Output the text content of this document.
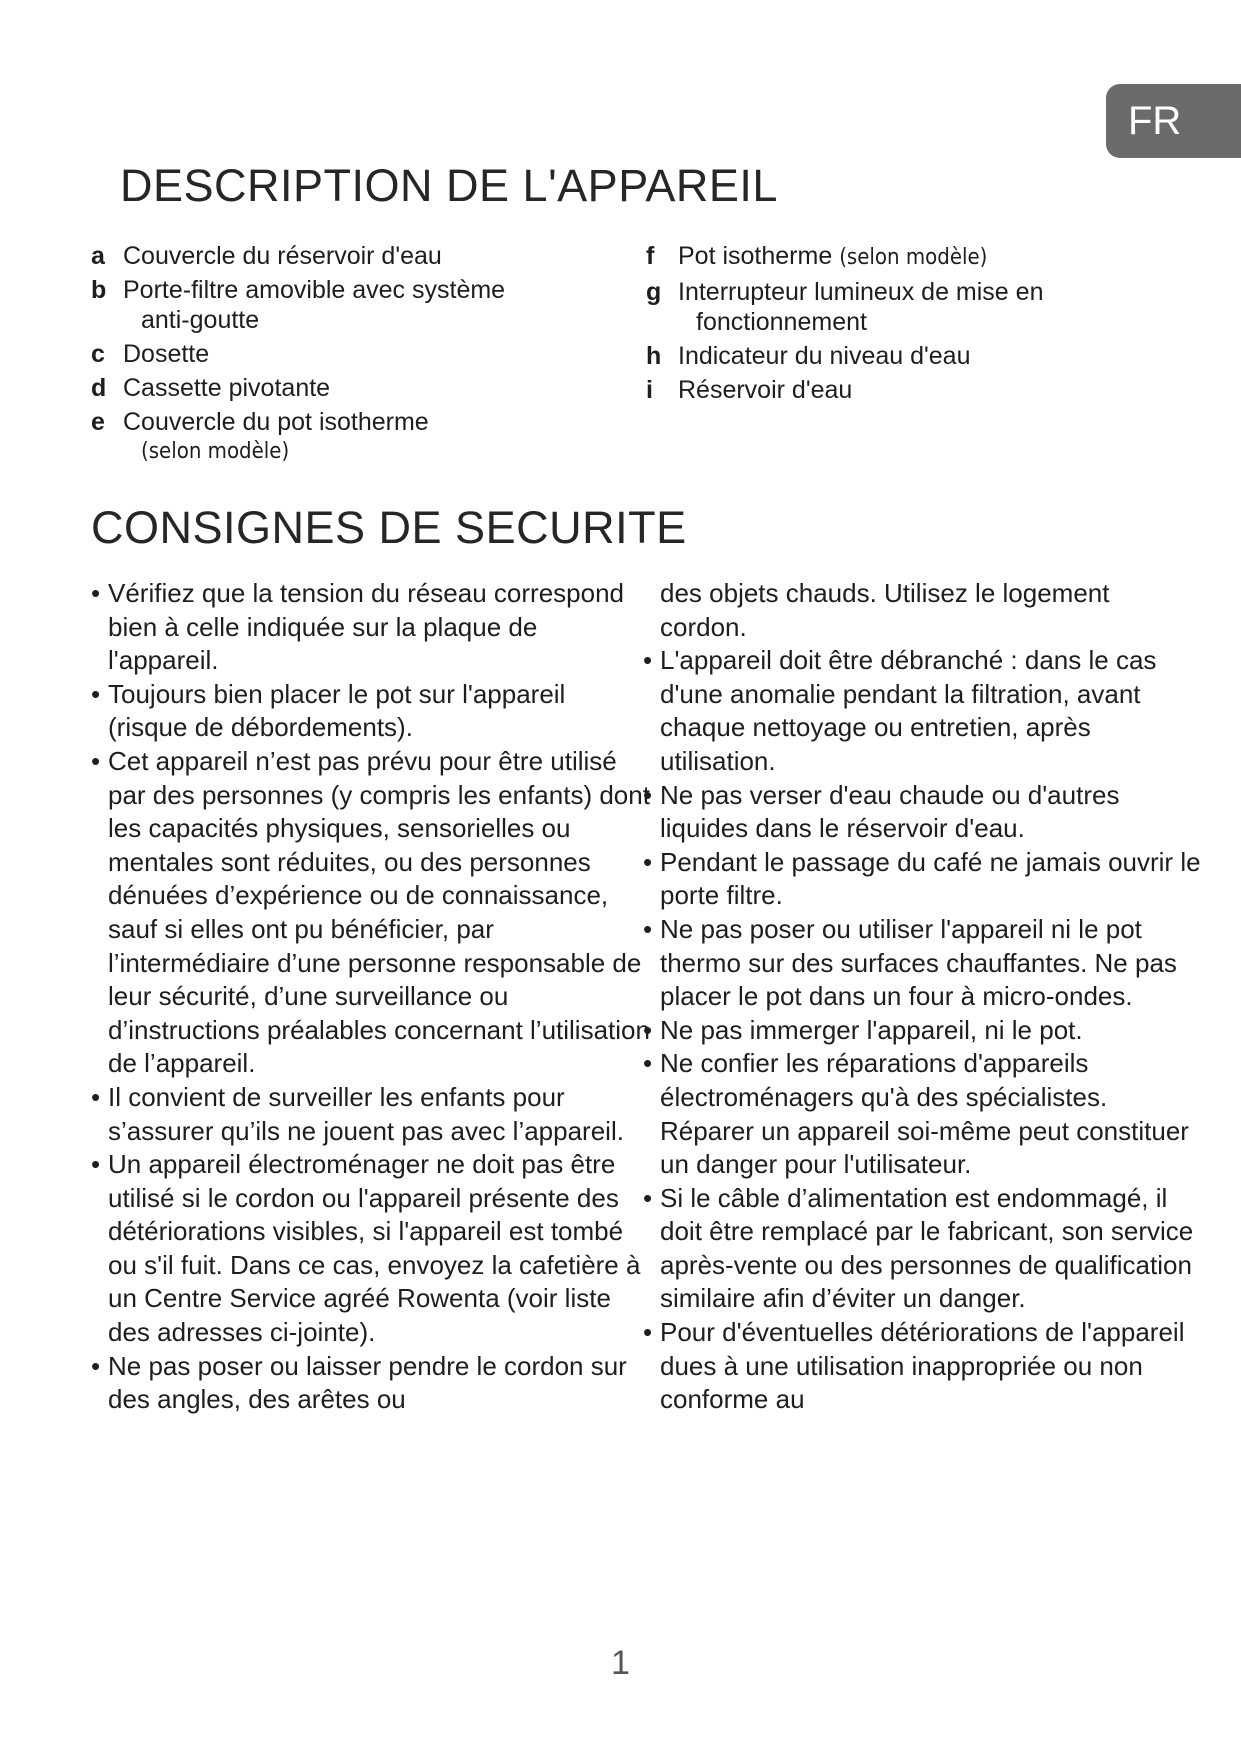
FR
DESCRIPTION DE L'APPAREIL
a Couvercle du réservoir d'eau
b Porte-filtre amovible avec système
anti-goutte
c Dosette
d Cassette pivotante
e Couvercle du pot isotherme
(selon modèle)
f Pot isotherme (selon modèle)
g Interrupteur lumineux de mise en
fonctionnement
h Indicateur du niveau d'eau
i Réservoir d'eau
CONSIGNES DE SECURITE
• Vérifiez que la tension du réseau correspond bien à celle indiquée sur la plaque de l'appareil.
• Toujours bien placer le pot sur l'appareil (risque de débordements).
• Cet appareil n’est pas prévu pour être utilisé par des personnes (y compris les enfants) dont les capacités physiques, sensorielles ou mentales sont réduites, ou des personnes dénuées d’expérience ou de connaissance, sauf si elles ont pu bénéficier, par l’intermédiaire d’une personne responsable de leur sécurité, d’une surveillance ou d’instructions préalables concernant l’utilisation de l’appareil.
• Il convient de surveiller les enfants pour s’assurer qu’ils ne jouent pas avec l’appareil.
• Un appareil électroménager ne doit pas être utilisé si le cordon ou l'appareil présente des détériorations visibles, si l'appareil est tombé ou s'il fuit. Dans ce cas, envoyez la cafetière à un Centre Service agréé Rowenta (voir liste des adresses ci-jointe).
• Ne pas poser ou laisser pendre le cordon sur des angles, des arêtes ou
des objets chauds. Utilisez le logement cordon.
• L'appareil doit être débranché : dans le cas d'une anomalie pendant la filtration, avant chaque nettoyage ou entretien, après utilisation.
• Ne pas verser d'eau chaude ou d'autres liquides dans le réservoir d'eau.
• Pendant le passage du café ne jamais ouvrir le porte filtre.
• Ne pas poser ou utiliser l'appareil ni le pot thermo sur des surfaces chauffantes. Ne pas placer le pot dans un four à micro-ondes.
• Ne pas immerger l'appareil, ni le pot.
• Ne confier les réparations d'appareils électroménagers qu'à des spécialistes. Réparer un appareil soi-même peut constituer un danger pour l'utilisateur.
• Si le câble d’alimentation est endommagé, il doit être remplacé par le fabricant, son service après-vente ou des personnes de qualification similaire afin d’éviter un danger.
• Pour d'éventuelles détériorations de l'appareil dues à une utilisation inappropriée ou non conforme au
1
